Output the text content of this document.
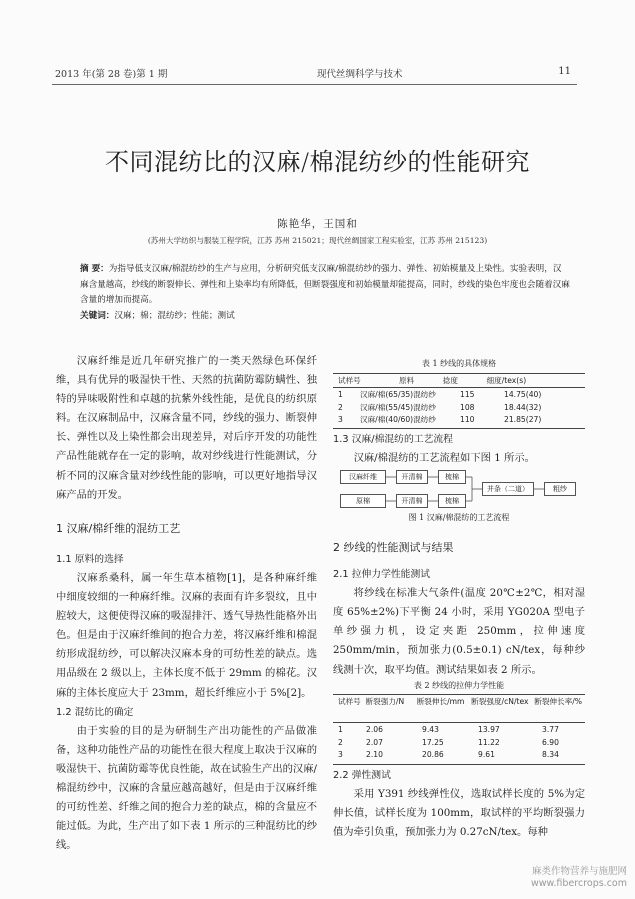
2013 年(第 28 卷)第 1 期	现代丝绸科学与技术	11
不同混纺比的汉麻/棉混纺纱的性能研究
陈艳华，王国和
(苏州大学纺织与服装工程学院，江苏 苏州 215021；现代丝绸国家工程实验室，江苏 苏州 215123)

摘 要：为指导低支汉麻/棉混纺纱的生产与应用，分析研究低支汉麻/棉混纺纱的强力、弹性、初始模量及上染性。实验表明，汉麻含量越高，纱线的断裂伸长、弹性和上染率均有所降低，但断裂强度和初始模量却能提高，同时，纱线的染色牢度也会随着汉麻含量的增加而提高。

关键词：汉麻；棉；混纺纱；性能；测试

汉麻纤维是近几年研究推广的一类天然绿色环保纤维，具有优异的吸湿快干性、天然的抗菌防霉防螨性、独特的异味吸附性和卓越的抗紫外线性能，是优良的纺织原料。在汉麻制品中，汉麻含量不同，纱线的强力、断裂伸长、弹性以及上染性都会出现差异，对后序开发的功能性产品性能就存在一定的影响，故对纱线进行性能测试，分析不同的汉麻含量对纱线性能的影响，可以更好地指导汉麻产品的开发。

1 汉麻/棉纤维的混纺工艺

1.1 原料的选择

汉麻系桑科，属一年生草本植物[1]，是各种麻纤维中细度较细的一种麻纤维。汉麻的表面有许多裂纹，且中腔较大，这便使得汉麻的吸湿排汗、透气导热性能格外出色。但是由于汉麻纤维间的抱合力差，将汉麻纤维和棉混纺形成混纺纱，可以解决汉麻本身的可纺性差的缺点。选用品级在 2 级以上，主体长度不低于 29mm 的棉花。汉麻的主体长度应大于 23mm，超长纤维应小于 5%[2]。

1.2 混纺比的确定

由于实验的目的是为研制生产出功能性的产品做准备，这种功能性产品的功能性在很大程度上取决于汉麻的吸湿快干、抗菌防霉等优良性能，故在试验生产出的汉麻/棉混纺纱中，汉麻的含量应越高越好，但是由于汉麻纤维的可纺性差、纤维之间的抱合力差的缺点，棉的含量应不能过低。为此，生产出了如下表 1 所示的三种混纺比的纱线。

表 1 纱线的具体规格
试样号	原料	捻度	细度/tex(s)
1	汉麻/棉(65/35)混纺纱	115	14.75(40)
2	汉麻/棉(55/45)混纺纱	108	18.44(32)
3	汉麻/棉(40/60)混纺纱	110	21.85(27)

1.3 汉麻/棉混纺的工艺流程

汉麻/棉混纺的工艺流程如下图 1 所示。

汉麻纤维	开清棉	梳棉
原棉	开清棉	梳棉
并条（二道）	粗纱
图 1 汉麻/棉混纺的工艺流程

2 纱线的性能测试与结果

2.1 拉伸力学性能测试

将纱线在标准大气条件(温度 20℃±2℃，相对湿度 65%±2%)下平衡 24 小时，采用 YG020A 型电子单纱强力机，设定夹距 250mm，拉伸速度 250mm/min，预加张力(0.5±0.1) cN/tex，每种纱线测十次，取平均值。测试结果如表 2 所示。

表 2 纱线的拉伸力学性能
试样号	断裂强力/N	断裂伸长/mm	断裂强度/cN/tex	断裂伸长率/%
1	2.06	9.43	13.97	3.77
2	2.07	17.25	11.22	6.90
3	2.10	20.86	9.61	8.34

2.2 弹性测试

采用 Y391 纱线弹性仪，选取试样长度的 5%为定伸长值，试样长度为 100mm，取试样的平均断裂强力值为牵引负重，预加张力为 0.27cN/tex。每种

麻类作物营养与施肥网
www.fibercrops.com
